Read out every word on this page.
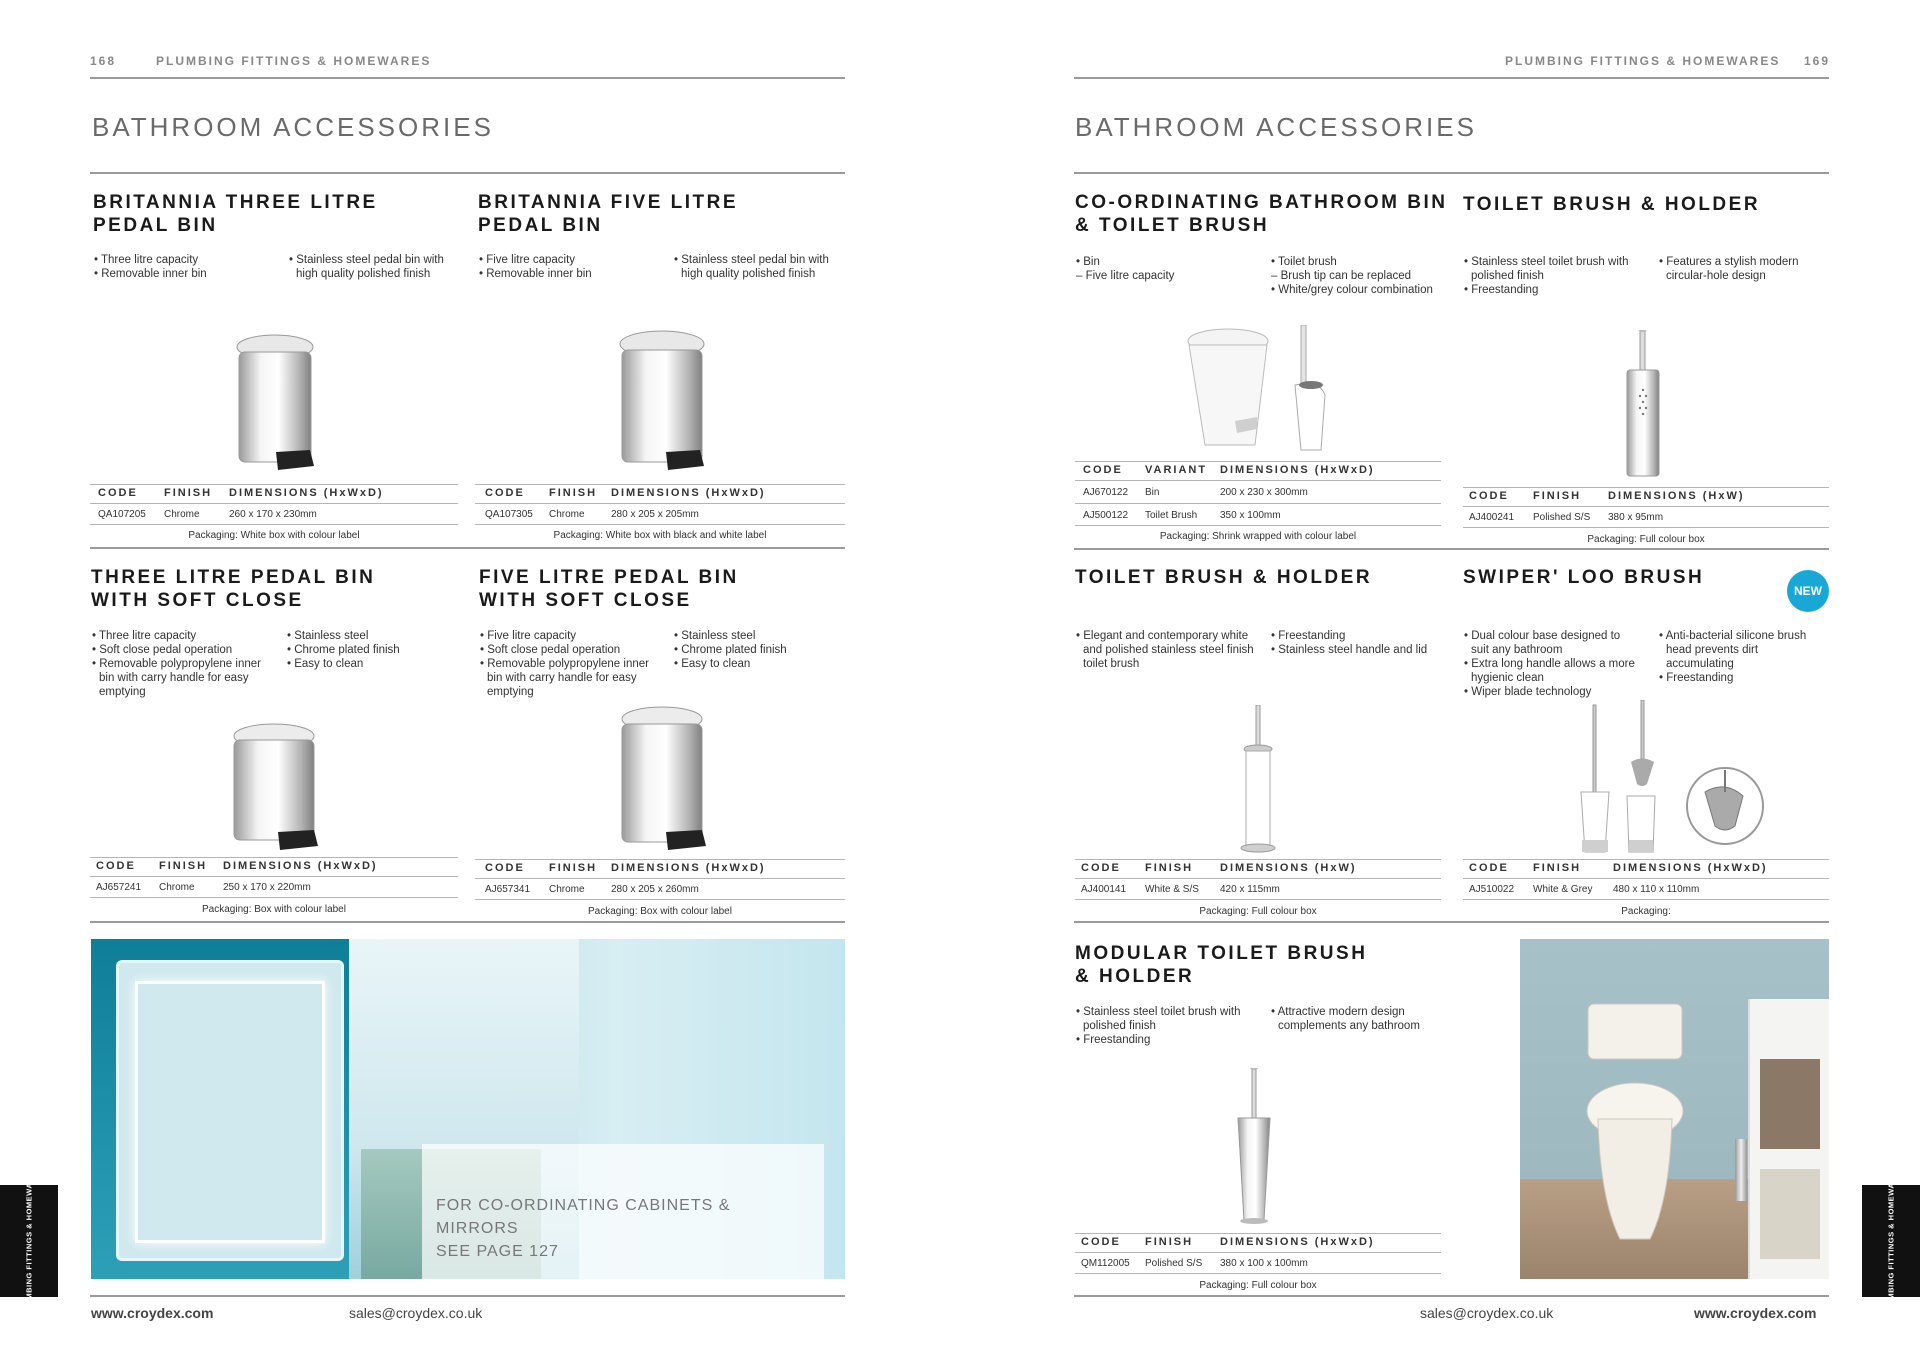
168	PLUMBING FITTINGS & HOMEWARES
BATHROOM ACCESSORIES
PLUMBING FITTINGS & HOMEWARES 169
BATHROOM ACCESSORIES
BRITANNIA THREE LITRE
PEDAL BIN
• Three litre capacity
• Removable inner bin
• Stainless steel pedal bin with high quality polished finish
CODE FINISH DIMENSIONS (HxWxD)
QA107205 Chrome	260 x 170 x 230mm
Packaging: White box with colour label
BRITANNIA FIVE LITRE
PEDAL BIN
• Five litre capacity
• Removable inner bin
• Stainless steel pedal bin with high quality polished finish
CODE FINISH DIMENSIONS (HxWxD)
QA107305 Chrome	280 x 205 x 205mm
Packaging: White box with black and white label
THREE LITRE PEDAL BIN
WITH SOFT CLOSE
• Three litre capacity
• Soft close pedal operation
• Removable polypropylene inner bin with carry handle for easy emptying
• Stainless steel
• Chrome plated finish
• Easy to clean
CODE FINISH DIMENSIONS (HxWxD)
AJ657241 Chrome	250 x 170 x 220mm
Packaging: Box with colour label
FIVE LITRE PEDAL BIN
WITH SOFT CLOSE
• Five litre capacity
• Soft close pedal operation
• Removable polypropylene inner bin with carry handle for easy emptying
• Stainless steel
• Chrome plated finish
• Easy to clean
CODE FINISH DIMENSIONS (HxWxD)
AJ657341 Chrome	280 x 205 x 260mm
Packaging: Box with colour label
FOR CO-ORDINATING CABINETS & MIRRORS
SEE PAGE 127
www.croydex.com	sales@croydex.co.uk
PLUMBING FITTINGS & HOMEWARES
CO-ORDINATING BATHROOM BIN
& TOILET BRUSH
• Bin
– Five litre capacity
• Toilet brush
– Brush tip can be replaced
• White/grey colour combination
CODE VARIANT DIMENSIONS (HxWxD)
AJ670122 Bin	200 x 230 x 300mm
AJ500122 Toilet Brush 350 x 100mm
Packaging: Shrink wrapped with colour label
TOILET BRUSH & HOLDER
• Stainless steel toilet brush with polished finish
• Freestanding
• Features a stylish modern circular-hole design
CODE FINISH DIMENSIONS (HxW)
AJ400241 Polished S/S 380 x 95mm
Packaging: Full colour box
TOILET BRUSH & HOLDER
• Elegant and contemporary white and polished stainless steel finish toilet brush
• Freestanding
• Stainless steel handle and lid
CODE FINISH DIMENSIONS (HxW)
AJ400141 White & S/S 420 x 115mm
Packaging: Full colour box
SWIPER' LOO BRUSH
NEW
• Dual colour base designed to suit any bathroom
• Extra long handle allows a more hygienic clean
• Wiper blade technology
• Anti-bacterial silicone brush head prevents dirt accumulating
• Freestanding
CODE FINISH	DIMENSIONS (HxWxD)
AJ510022 White & Grey 480 x 110 x 110mm
Packaging:
MODULAR TOILET BRUSH
& HOLDER
• Stainless steel toilet brush with polished finish
• Freestanding
• Attractive modern design complements any bathroom
CODE FINISH DIMENSIONS (HxWxD)
QM112005 Polished S/S 380 x 100 x 100mm
Packaging: Full colour box
sales@croydex.co.uk	www.croydex.com	PLUMBING FITTINGS & HOMEWARES
